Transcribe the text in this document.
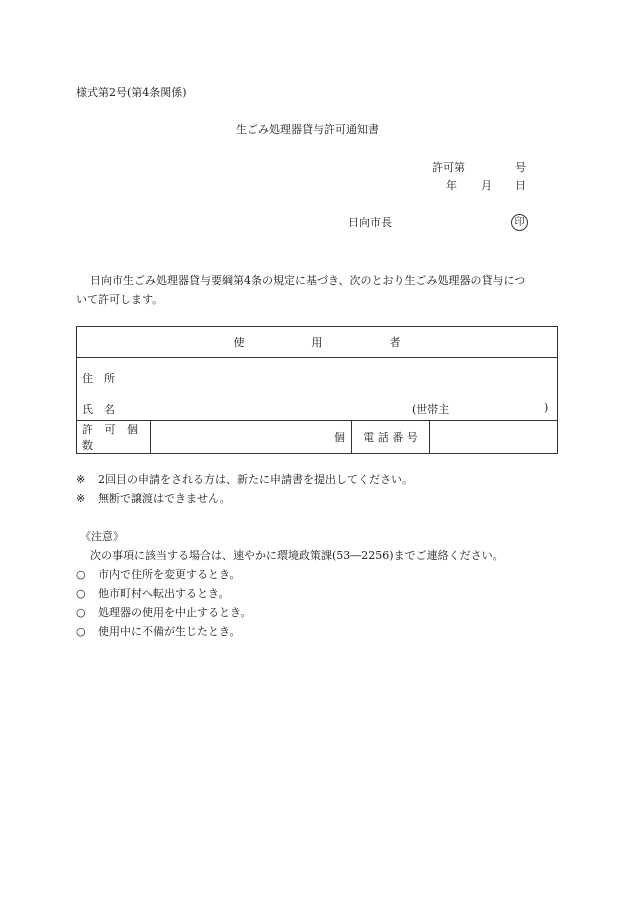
様式第2号(第4条関係)
生ごみ処理器貸与許可通知書
許可第	号
年 月 日
日向市長	印
日向市生ごみ処理器貸与要綱第4条の規定に基づき、次のとおり生ごみ処理器の貸与につ
いて許可します。
使	用	者

住　所
氏　名	(世帯主	)

許 可 個 数	個	電 話 番 号	
※ 2回目の申請をされる方は、新たに申請書を提出してください。
※ 無断で譲渡はできません。
《注意》
次の事項に該当する場合は、速やかに環境政策課(53―2256)までご連絡ください。
○ 市内で住所を変更するとき。
○ 他市町村へ転出するとき。
○ 処理器の使用を中止するとき。
○ 使用中に不備が生じたとき。
